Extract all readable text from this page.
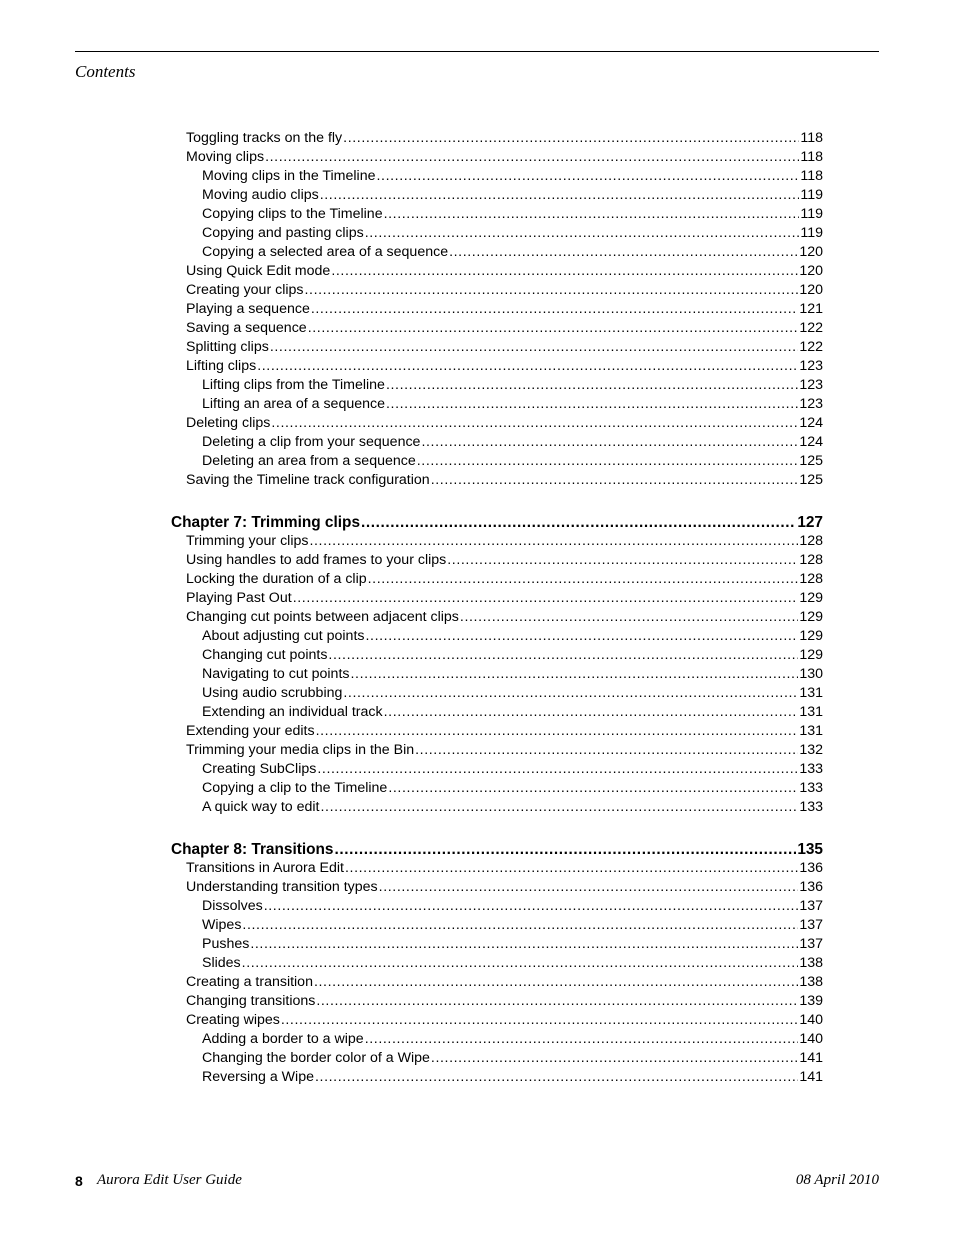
Contents
Toggling tracks on the fly .....	118
Moving clips .....	118
Moving clips in the Timeline .....	118
Moving audio clips .....	119
Copying clips to the Timeline .....	119
Copying and pasting clips .....	119
Copying a selected area of a sequence .....	120
Using Quick Edit mode .....	120
Creating your clips .....	120
Playing a sequence .....	121
Saving a sequence .....	122
Splitting clips .....	122
Lifting clips .....	123
Lifting clips from the Timeline .....	123
Lifting an area of a sequence .....	123
Deleting clips .....	124
Deleting a clip from your sequence .....	124
Deleting an area from a sequence .....	125
Saving the Timeline track configuration .....	125
Chapter 7: Trimming clips .....	127
Trimming your clips .....	128
Using handles to add frames to your clips .....	128
Locking the duration of a clip .....	128
Playing Past Out .....	129
Changing cut points between adjacent clips .....	129
About adjusting cut points .....	129
Changing cut points .....	129
Navigating to cut points .....	130
Using audio scrubbing .....	131
Extending an individual track .....	131
Extending your edits .....	131
Trimming your media clips in the Bin .....	132
Creating SubClips .....	133
Copying a clip to the Timeline .....	133
A quick way to edit .....	133
Chapter 8: Transitions .....	135
Transitions in Aurora Edit .....	136
Understanding transition types .....	136
Dissolves .....	137
Wipes .....	137
Pushes .....	137
Slides .....	138
Creating a transition .....	138
Changing transitions .....	139
Creating wipes .....	140
Adding a border to a wipe .....	140
Changing the border color of a Wipe .....	141
Reversing a Wipe .....	141
8 Aurora Edit User Guide	08 April 2010
